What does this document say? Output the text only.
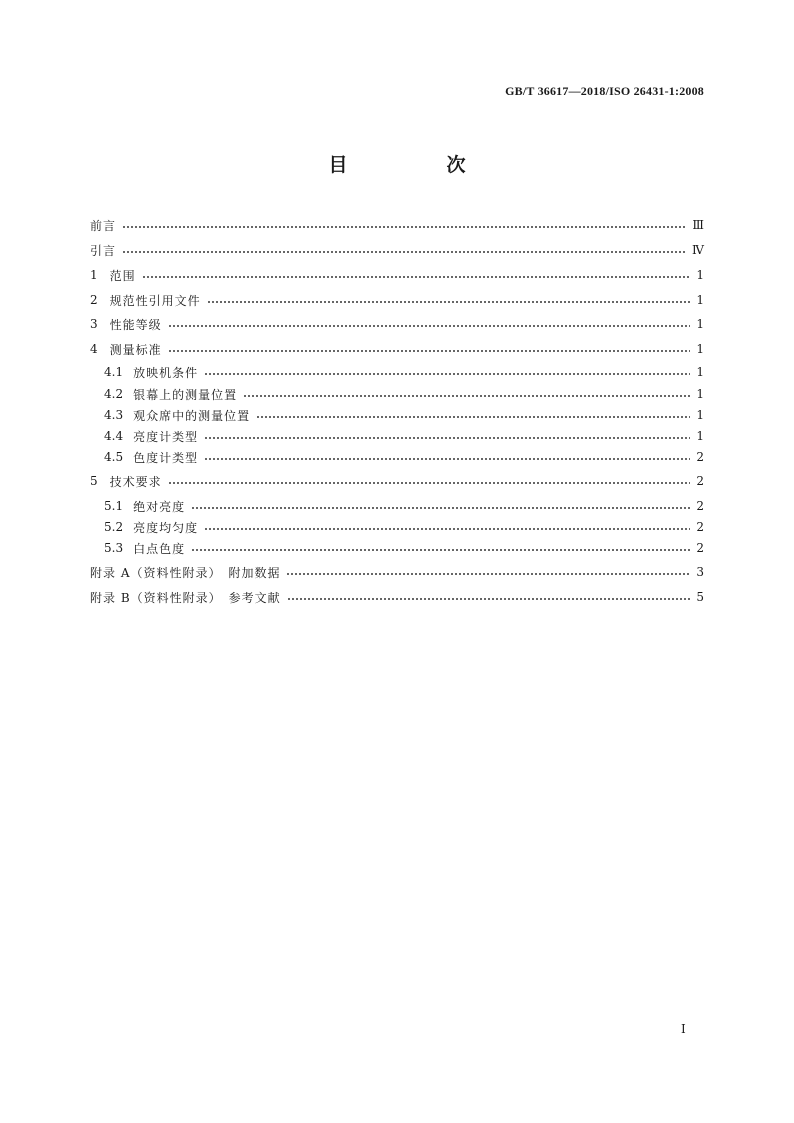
GB/T 36617—2018/ISO 26431-1:2008
目　次
前言	Ⅲ
引言	Ⅳ
1 范围	1
2 规范性引用文件	1
3 性能等级	1
4 测量标准	1
4.1 放映机条件	1
4.2 银幕上的测量位置	1
4.3 观众席中的测量位置	1
4.4 亮度计类型	1
4.5 色度计类型	2
5 技术要求	2
5.1 绝对亮度	2
5.2 亮度均匀度	2
5.3 白点色度	2
附录 A（资料性附录）　附加数据	3
附录 B（资料性附录）　参考文献	5
Ⅰ
